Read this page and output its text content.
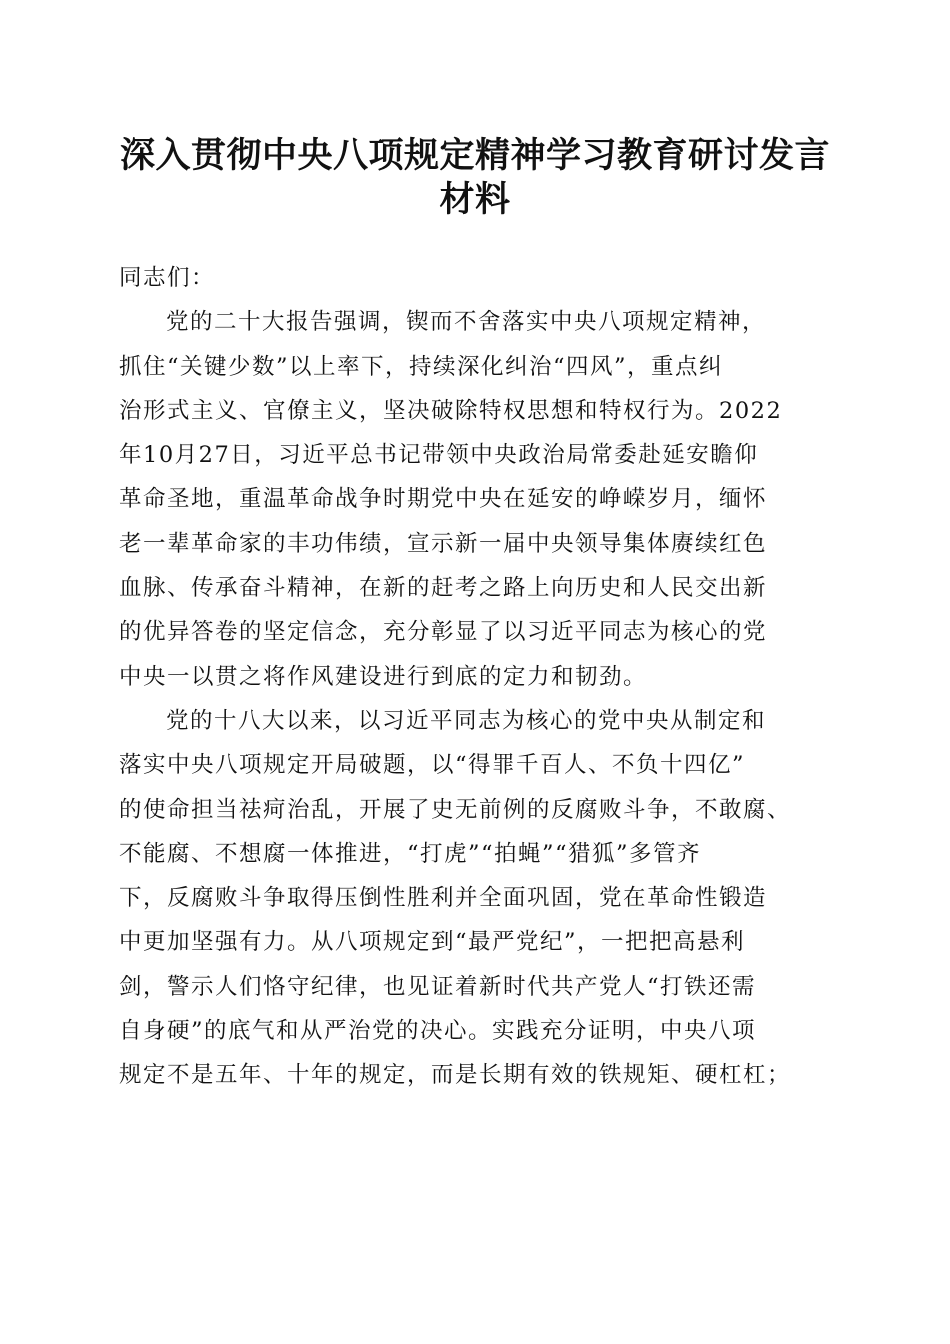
深入贯彻中央八项规定精神学习教育研讨发言
材料
同志们：
党的二十大报告强调，锲而不舍落实中央八项规定精神，
抓住“关键少数”以上率下，持续深化纠治“四风”，重点纠
治形式主义、官僚主义，坚决破除特权思想和特权行为。2022
年10月27日，习近平总书记带领中央政治局常委赴延安瞻仰
革命圣地，重温革命战争时期党中央在延安的峥嵘岁月，缅怀
老一辈革命家的丰功伟绩，宣示新一届中央领导集体赓续红色
血脉、传承奋斗精神，在新的赶考之路上向历史和人民交出新
的优异答卷的坚定信念，充分彰显了以习近平同志为核心的党
中央一以贯之将作风建设进行到底的定力和韧劲。
党的十八大以来，以习近平同志为核心的党中央从制定和
落实中央八项规定开局破题，以“得罪千百人、不负十四亿”
的使命担当祛疴治乱，开展了史无前例的反腐败斗争，不敢腐、
不能腐、不想腐一体推进，“打虎”“拍蝇”“猎狐”多管齐
下，反腐败斗争取得压倒性胜利并全面巩固，党在革命性锻造
中更加坚强有力。从八项规定到“最严党纪”，一把把高悬利
剑，警示人们恪守纪律，也见证着新时代共产党人“打铁还需
自身硬”的底气和从严治党的决心。实践充分证明，中央八项
规定不是五年、十年的规定，而是长期有效的铁规矩、硬杠杠；
